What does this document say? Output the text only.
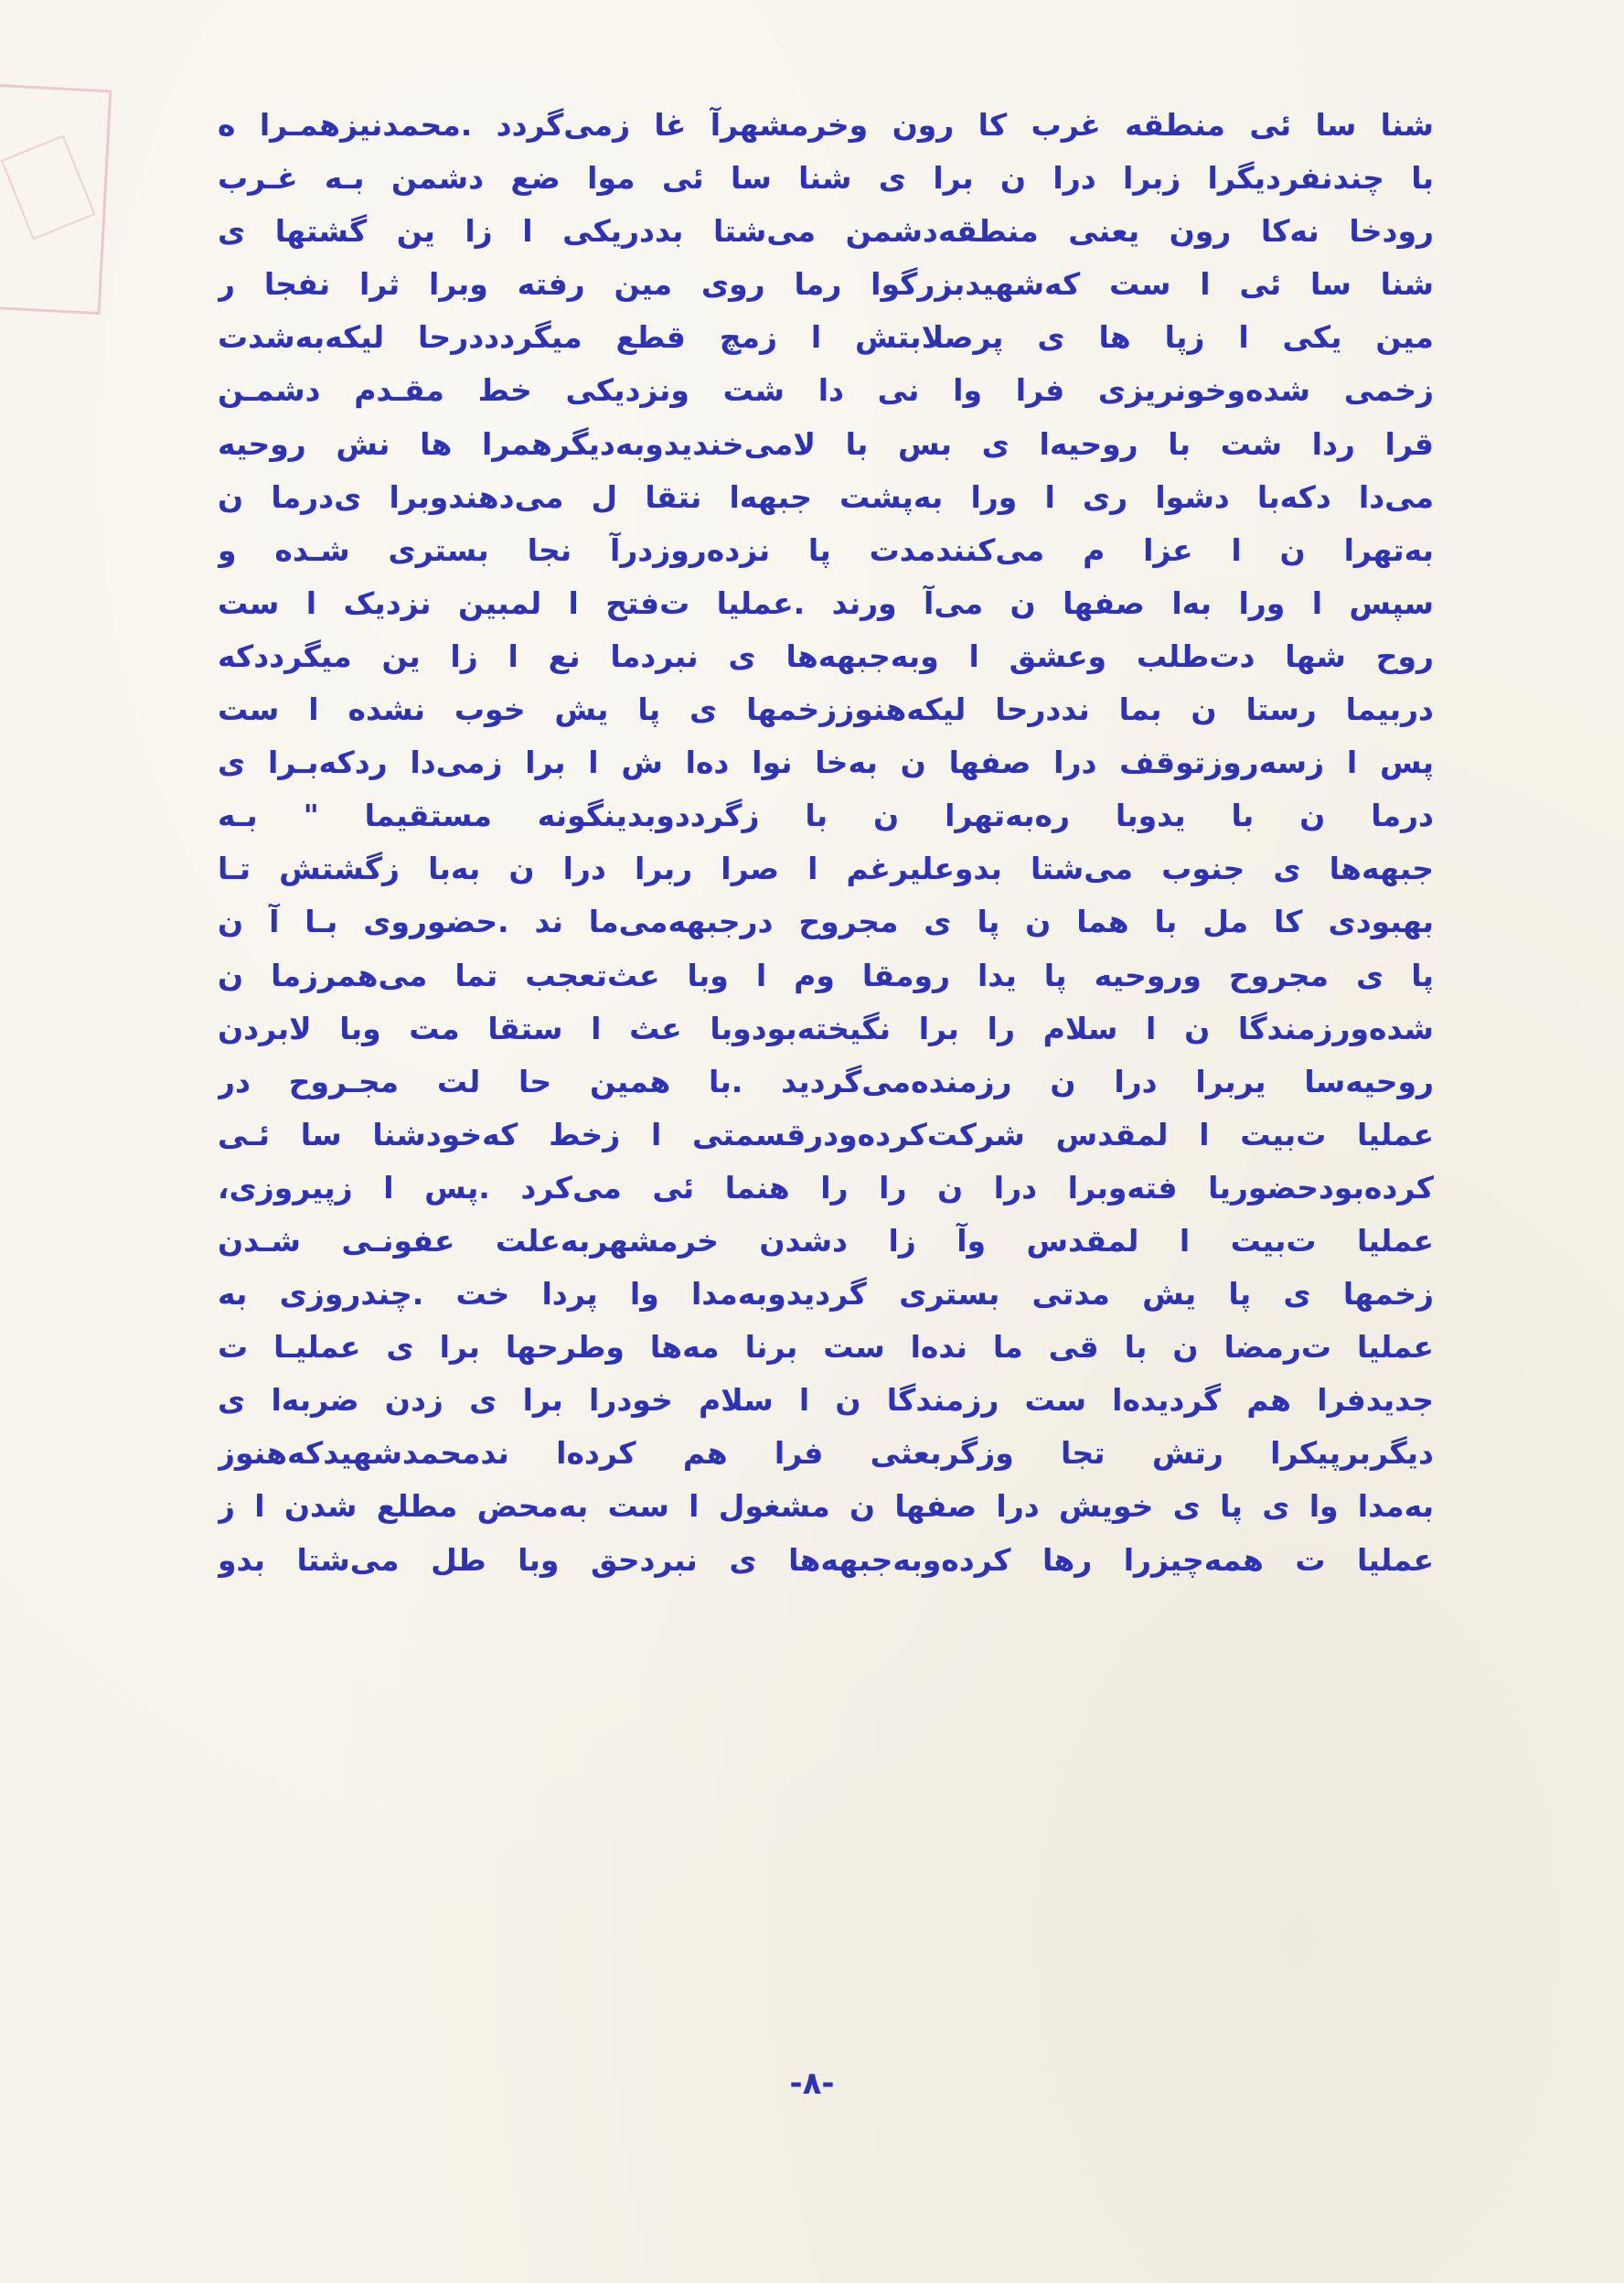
شنا سا ئی منطقه غرب کا رون وخرمشهرآ غا زمی‌گردد .محمدنیزهمـرا ه
با چندنفردیگرا زبرا درا ن برا ی شنا سا ئی موا ضع دشمن بـه غـرب
رودخا نه‌کا رون یعنی منطقه‌دشمن می‌شتا بددریکی ا زا ین گشتها ی
شنا سا ئی ا ست که‌شهیدبزرگوا رما روی مین رفته وبرا ثرا نفجا ر
مین یکی ا زپا ها ی پرصلابتش ا زمچ قطع میگردددرحا لیکه‌به‌شدت
زخمی شده‌وخونریزی فرا وا نی دا شت ونزدیکی خط مقـدم دشمـن
قرا ردا شت با روحیه‌ا ی بس با لامی‌خندیدوبه‌دیگرهمرا ها نش روحیه
می‌دا دکه‌با دشوا ری ا ورا به‌پشت جبهه‌ا نتقا ل می‌دهندوبرا ی‌درما ن
به‌تهرا ن ا عزا م می‌کنندمدت پا نزده‌روزدرآ نجا بستری شـده و
سپس ا ورا به‌ا صفها ن می‌آ ورند .عملیا ت‌فتح ا لمبین نزدیک ا ست
روح شها دت‌طلب وعشق ا وبه‌جبهه‌ها ی نبردما نع ا زا ین میگرددکه
دربیما رستا ن بما نددرحا لیکه‌هنوززخمها ی پا یش خوب نشده ا ست
پس ا زسه‌روزتوقف درا صفها ن به‌خا نوا ده‌ا ش ا برا زمی‌دا ردکه‌بـرا ی
درما ن با یدوبا ره‌به‌تهرا ن با زگرددوبدینگونه مستقیما " بـه
جبهه‌ها ی جنوب می‌شتا بدوعلیرغم ا صرا ربرا درا ن به‌با زگشتش تـا
بهبودی کا مل با هما ن پا ی مجروح درجبهه‌می‌ما ند .حضوروی بـا آ ن
پا ی مجروح وروحیه پا یدا رومقا وم ا وبا عث‌تعجب تما می‌همرزما ن
شده‌ورزمندگا ن ا سلام را برا نگیخته‌بودوبا عث ا ستقا مت وبا لابردن
روحیه‌سا یربرا درا ن رزمنده‌می‌گردید .با همین حا لت مجـروح در
عملیا ت‌بیت ا لمقدس شرکت‌کرده‌ودرقسمتی ا زخط که‌خودشنا سا ئـی
کرده‌بودحضوریا فته‌وبرا درا ن را را هنما ئی می‌کرد .پس ا زپیروزی،
عملیا ت‌بیت ا لمقدس وآ زا دشدن خرمشهربه‌علت عفونـی شـدن
زخمها ی پا یش مدتی بستری گردیدوبه‌مدا وا پردا خت .چندروزی به
عملیا ت‌رمضا ن با قی ما نده‌ا ست برنا مه‌ها وطرحها برا ی عملیـا ت
جدیدفرا هم گردیده‌ا ست رزمندگا ن ا سلام خودرا برا ی زدن ضربه‌ا ی
دیگربرپیکرا رتش تجا وزگربعثی فرا هم کرده‌ا ندمحمدشهیدکه‌هنوز
به‌مدا وا ی پا ی خویش درا صفها ن مشغول ا ست به‌محض مطلع شدن ا ز
عملیا ت همه‌چیزرا رها کرده‌وبه‌جبهه‌ها ی نبردحق وبا طل می‌شتا بدو
-۸-
